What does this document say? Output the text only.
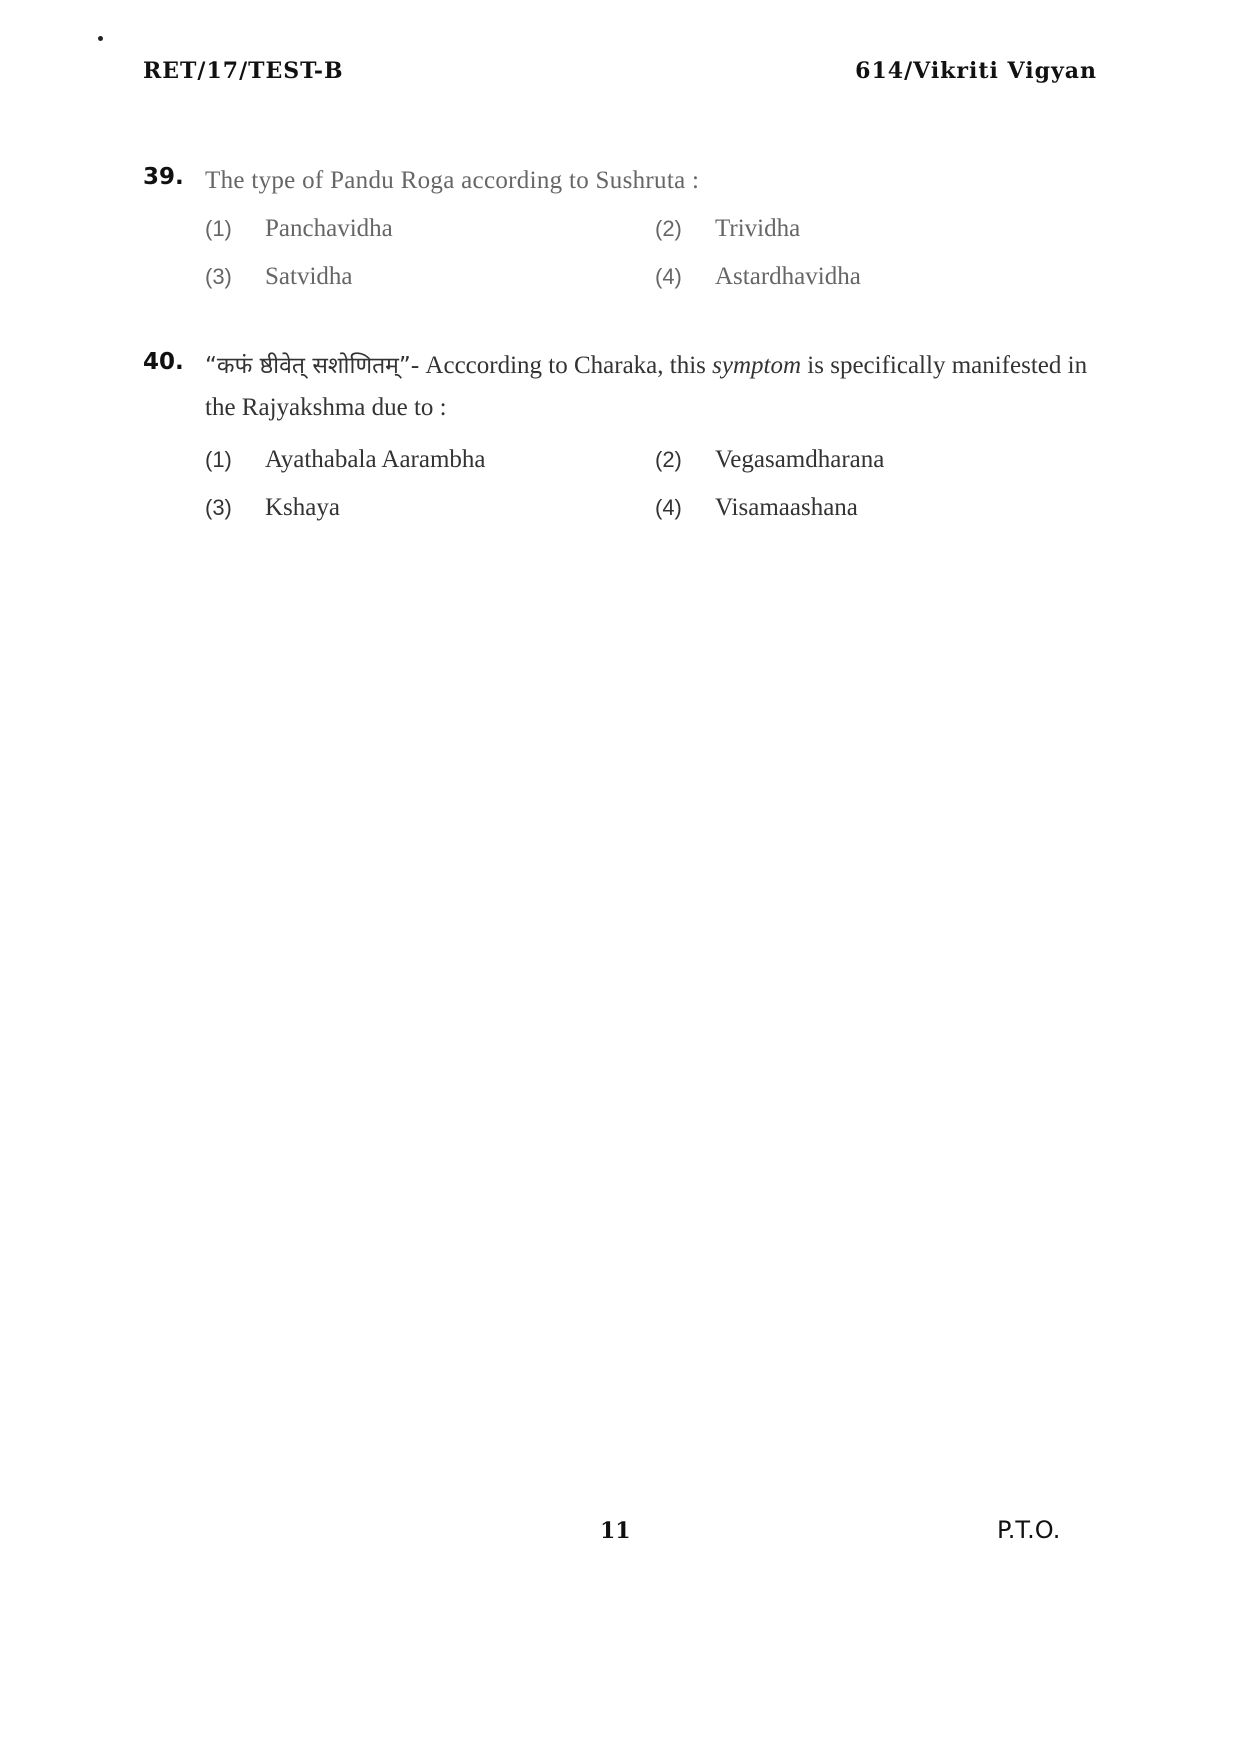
RET/17/TEST-B	614/Vikriti Vigyan
39. The type of Pandu Roga according to Sushruta :
(1) Panchavidha	(2) Trividha
(3) Satvidha	(4) Astardhavidha
40. “कफं ष्ठीवेत् सशोणितम्”- Acccording to Charaka, this symptom is specifically manifested in the Rajyakshma due to :
(1) Ayathabala Aarambha	(2) Vegasamdharana
(3) Kshaya	(4) Visamaashana
11	P.T.O.
